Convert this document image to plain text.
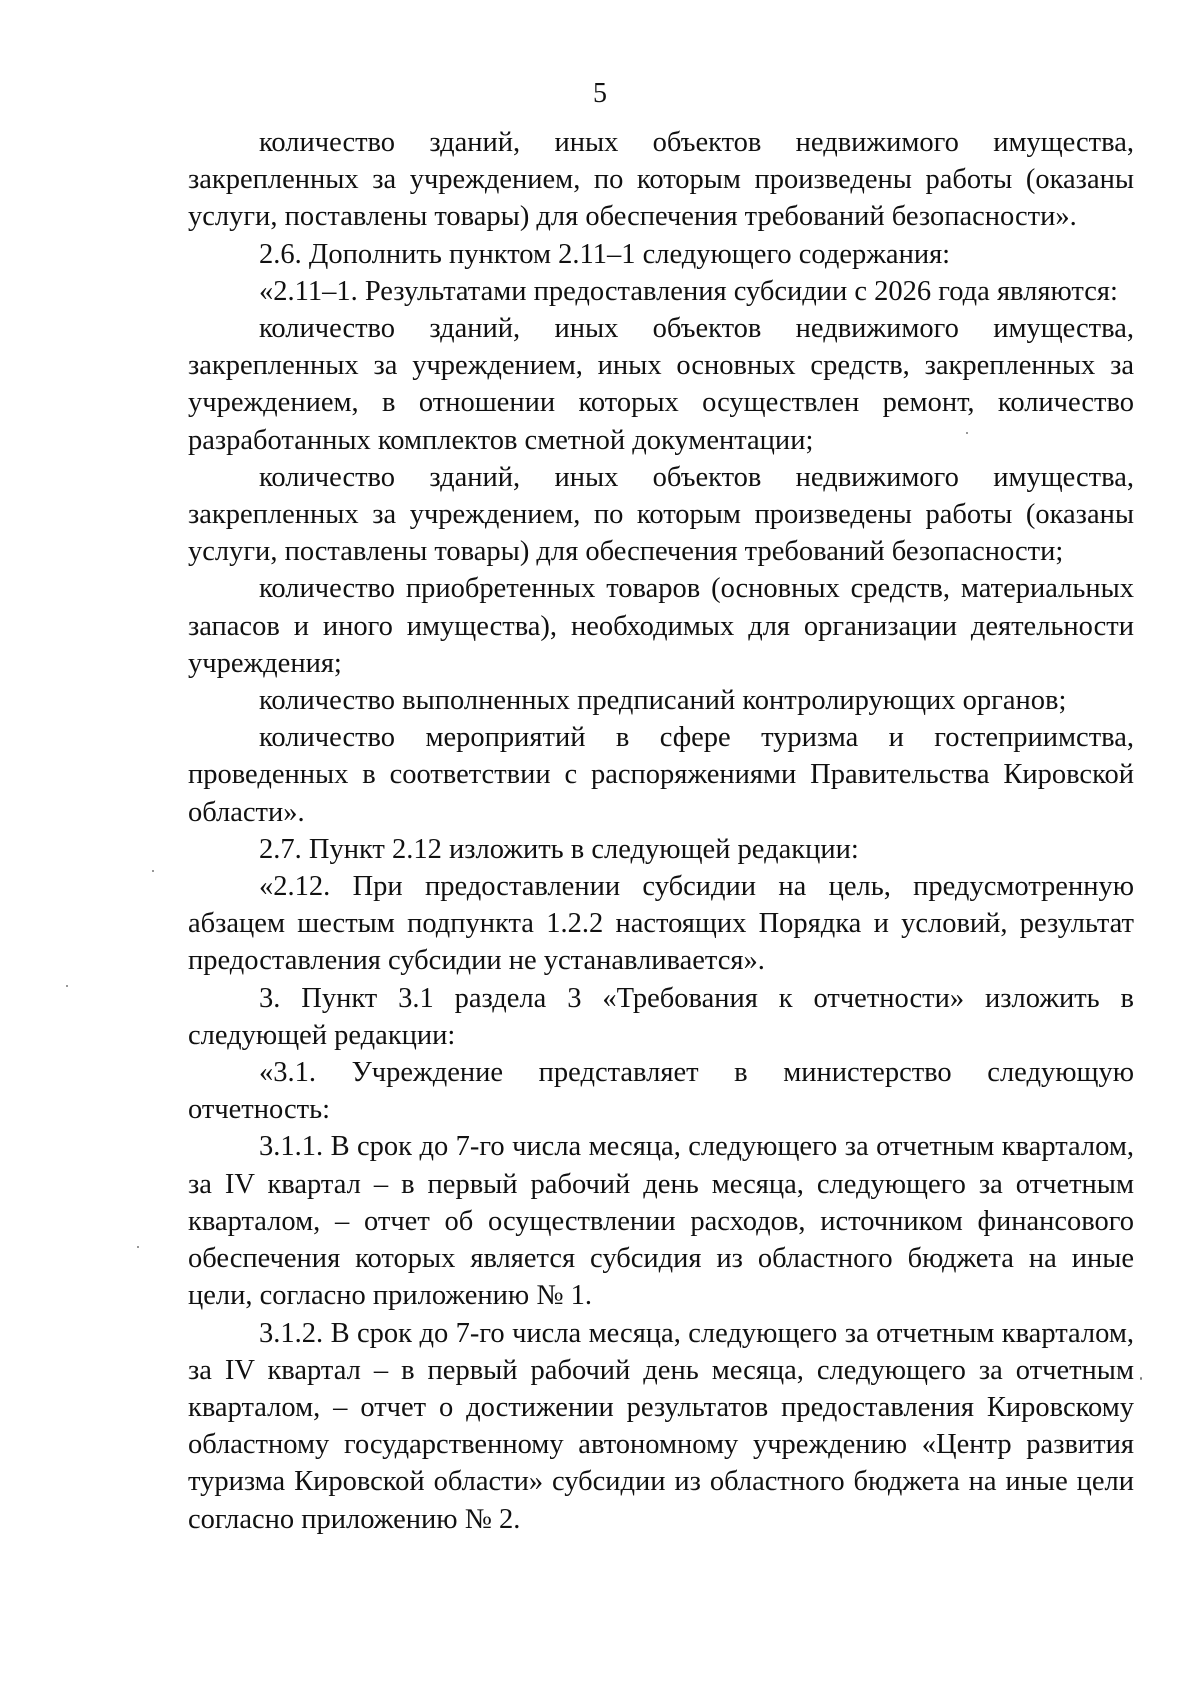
5

количество зданий, иных объектов недвижимого имущества, закрепленных за учреждением, по которым произведены работы (оказаны услуги, поставлены товары) для обеспечения требований безопасности».

2.6. Дополнить пунктом 2.11–1 следующего содержания:

«2.11–1. Результатами предоставления субсидии с 2026 года являются:

количество зданий, иных объектов недвижимого имущества, закрепленных за учреждением, иных основных средств, закрепленных за учреждением, в отношении которых осуществлен ремонт, количество разработанных комплектов сметной документации;

количество зданий, иных объектов недвижимого имущества, закрепленных за учреждением, по которым произведены работы (оказаны услуги, поставлены товары) для обеспечения требований безопасности;

количество приобретенных товаров (основных средств, материальных запасов и иного имущества), необходимых для организации деятельности учреждения;

количество выполненных предписаний контролирующих органов;

количество мероприятий в сфере туризма и гостеприимства, проведенных в соответствии с распоряжениями Правительства Кировской области».

2.7. Пункт 2.12 изложить в следующей редакции:

«2.12. При предоставлении субсидии на цель, предусмотренную абзацем шестым подпункта 1.2.2 настоящих Порядка и условий, результат предоставления субсидии не устанавливается».

3. Пункт 3.1 раздела 3 «Требования к отчетности» изложить в следующей редакции:

«3.1. Учреждение представляет в министерство следующую отчетность:

3.1.1. В срок до 7-го числа месяца, следующего за отчетным кварталом, за IV квартал – в первый рабочий день месяца, следующего за отчетным кварталом, – отчет об осуществлении расходов, источником финансового обеспечения которых является субсидия из областного бюджета на иные цели, согласно приложению № 1.

3.1.2. В срок до 7-го числа месяца, следующего за отчетным кварталом, за IV квартал – в первый рабочий день месяца, следующего за отчетным кварталом, – отчет о достижении результатов предоставления Кировскому областному государственному автономному учреждению «Центр развития туризма Кировской области» субсидии из областного бюджета на иные цели согласно приложению № 2.
